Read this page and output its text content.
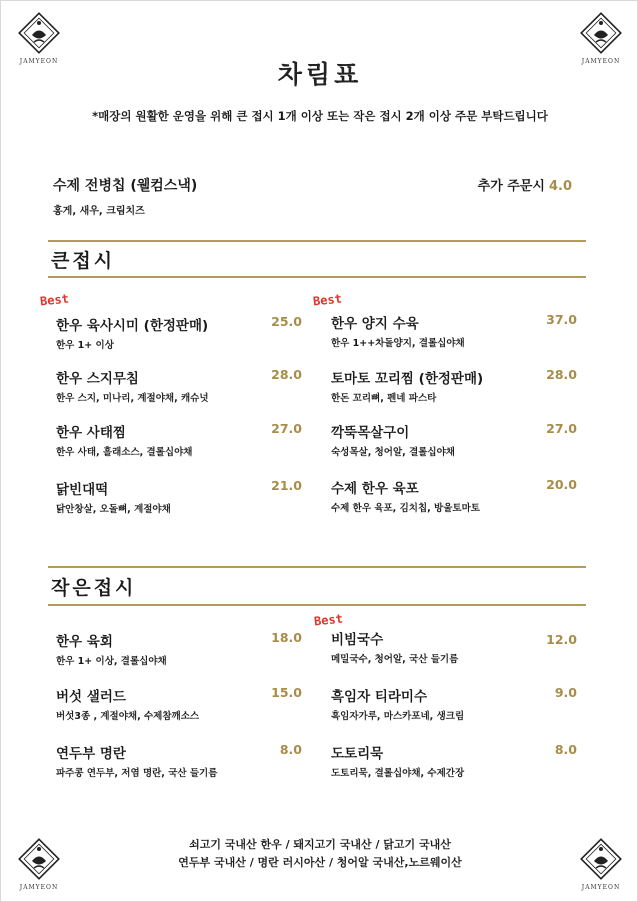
JAMYEON	JAMYEON
JAMYEON	JAMYEON
차림표
*매장의 원활한 운영을 위해 큰 접시 1개 이상 또는 작은 접시 2개 이상 주문 부탁드립니다
수제 전병칩 (웰컴스낵)	추가 주문시 4.0
홍게, 새우, 크림치즈
큰접시
Best	Best
한우 육사시미 (한정판매)	25.0
한우 1+ 이상
한우 스지무침	28.0
한우 스지, 미나리, 계절야채, 캐슈넛
한우 사태찜	27.0
한우 사태, 흘래소스, 결롤십야채
닭빈대떡	21.0
닭안창살, 오돌뼈, 계절야채
한우 양지 수육	37.0
한우 1++차돌양지, 결롤십야채
토마토 꼬리찜 (한정판매)	28.0
한돈 꼬리뼈, 펜네 파스타
깍뚝목살구이	27.0
숙성목살, 청어알, 결롤십야채
수제 한우 육포	20.0
수제 한우 육포, 김치칩, 방울토마토
작은접시
Best
한우 육회	18.0
한우 1+ 이상, 결롤십야채
버섯 샐러드	15.0
버섯3종 , 계절야채, 수제참깨소스
연두부 명란	8.0
파주콩 연두부, 저염 명란, 국산 들기름
비빔국수	12.0
메밀국수, 청어알, 국산 들기름
흑임자 티라미수	9.0
흑임자가루, 마스카포네, 생크림
도토리묵	8.0
도토리묵, 결롤십야채, 수제간장
쇠고기 국내산 한우 / 돼지고기 국내산 / 닭고기 국내산
연두부 국내산 / 명란 러시아산 / 청어알 국내산,노르웨이산
